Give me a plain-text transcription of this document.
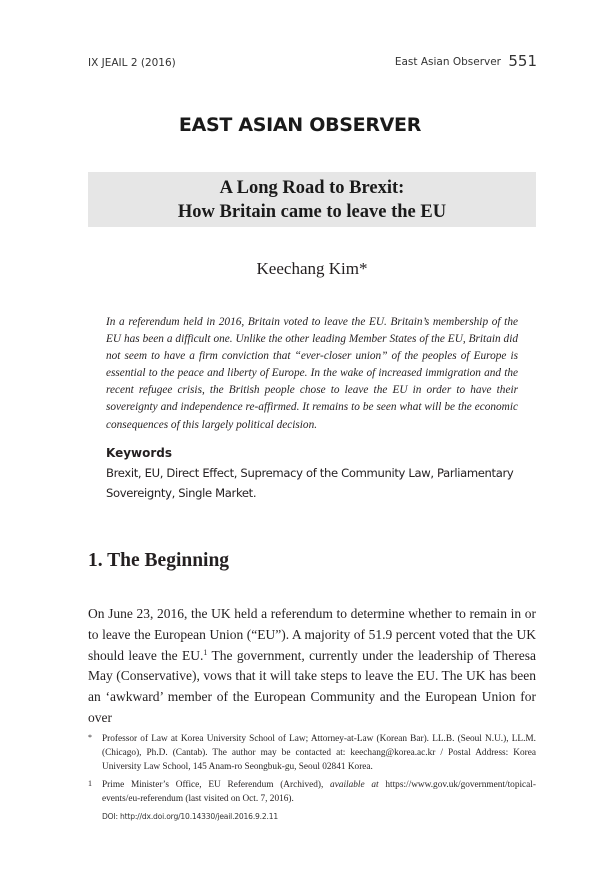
IX JEAIL 2 (2016)	East Asian Observer 551
EAST ASIAN OBSERVER
A Long Road to Brexit:
How Britain came to leave the EU
Keechang Kim*
In a referendum held in 2016, Britain voted to leave the EU. Britain’s membership of the EU has been a difficult one. Unlike the other leading Member States of the EU, Britain did not seem to have a firm conviction that “ever-closer union” of the peoples of Europe is essential to the peace and liberty of Europe. In the wake of increased immigration and the recent refugee crisis, the British people chose to leave the EU in order to have their sovereignty and independence re-affirmed. It remains to be seen what will be the economic consequences of this largely political decision.
Keywords
Brexit, EU, Direct Effect, Supremacy of the Community Law, Parliamentary Sovereignty, Single Market.
1. The Beginning
On June 23, 2016, the UK held a referendum to determine whether to remain in or to leave the European Union (“EU”). A majority of 51.9 percent voted that the UK should leave the EU.$^1$ The government, currently under the leadership of Theresa May (Conservative), vows that it will take steps to leave the EU. The UK has been an ‘awkward’ member of the European Community and the European Union for over
* Professor of Law at Korea University School of Law; Attorney-at-Law (Korean Bar). LL.B. (Seoul N.U.), LL.M. (Chicago), Ph.D. (Cantab). The author may be contacted at: keechang@korea.ac.kr / Postal Address: Korea University Law School, 145 Anam-ro Seongbuk-gu, Seoul 02841 Korea.
1 Prime Minister’s Office, EU Referendum (Archived), available at https://www.gov.uk/government/topical-events/eu-referendum (last visited on Oct. 7, 2016).
DOI: http://dx.doi.org/10.14330/jeail.2016.9.2.11
